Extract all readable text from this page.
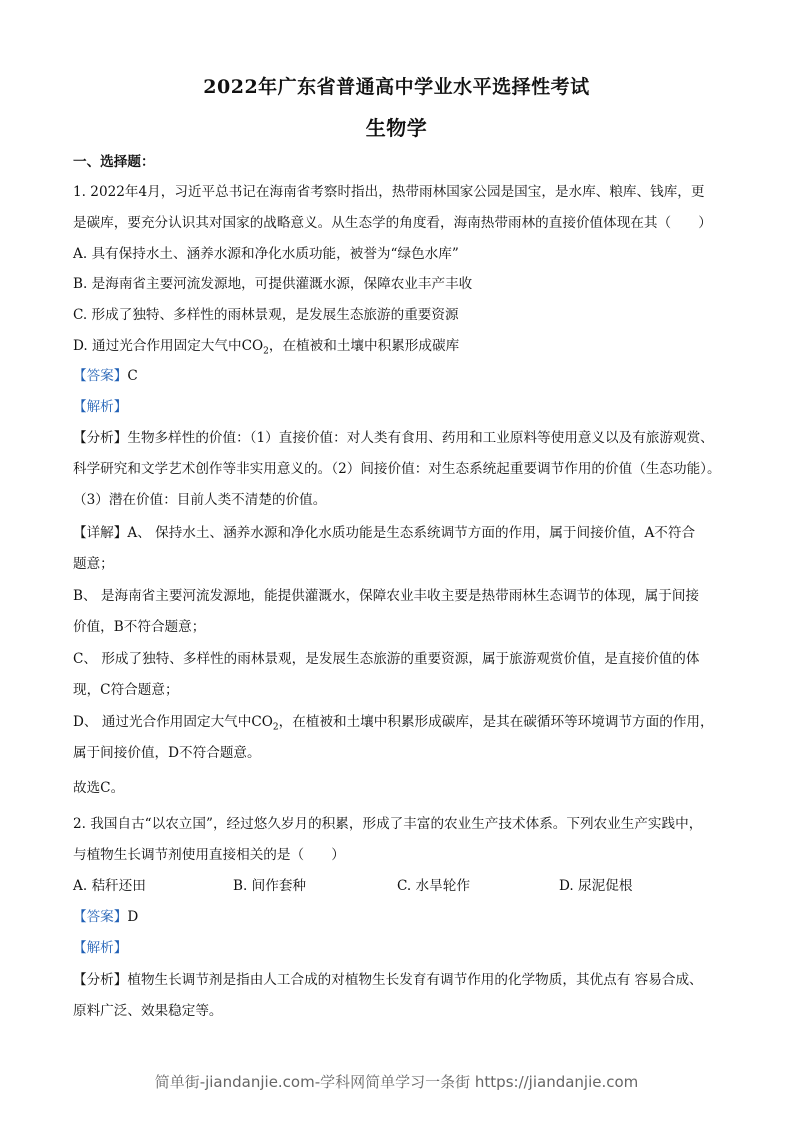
2022年广东省普通高中学业水平选择性考试
生物学
一、选择题：
1. 2022年4月，习近平总书记在海南省考察时指出，热带雨林国家公园是国宝，是水库、粮库、钱库，更
是碳库，要充分认识其对国家的战略意义。从生态学的角度看，海南热带雨林的直接价值体现在其（　　）
A. 具有保持水土、涵养水源和净化水质功能，被誉为“绿色水库”
B. 是海南省主要河流发源地，可提供灌溉水源，保障农业丰产丰收
C. 形成了独特、多样性的雨林景观，是发展生态旅游的重要资源
D. 通过光合作用固定大气中$CO_2$，在植被和土壤中积累形成碳库
【答案】C
【解析】
【分析】生物多样性的价值：（1）直接价值：对人类有食用、药用和工业原料等使用意义以及有旅游观赏、
科学研究和文学艺术创作等非实用意义的。（2）间接价值：对生态系统起重要调节作用的价值（生态功能）。
（3）潜在价值：目前人类不清楚的价值。
【详解】A、 保持水土、涵养水源和净化水质功能是生态系统调节方面的作用，属于间接价值，A不符合
题意；
B、 是海南省主要河流发源地，能提供灌溉水，保障农业丰收主要是热带雨林生态调节的体现，属于间接
价值，B不符合题意；
C、 形成了独特、多样性的雨林景观，是发展生态旅游的重要资源，属于旅游观赏价值，是直接价值的体
现，C符合题意；
D、 通过光合作用固定大气中$CO_2$，在植被和土壤中积累形成碳库，是其在碳循环等环境调节方面的作用，
属于间接价值，D不符合题意。
故选C。
2. 我国自古“以农立国”，经过悠久岁月的积累，形成了丰富的农业生产技术体系。下列农业生产实践中，
与植物生长调节剂使用直接相关的是（　　）
A. 秸秆还田	B. 间作套种	C. 水旱轮作	D. 尿泥促根
【答案】D
【解析】
【分析】植物生长调节剂是指由人工合成的对植物生长发育有调节作用的化学物质，其优点有 容易合成、
原料广泛、效果稳定等。
简单街-jiandanjie.com-学科网简单学习一条街 https://jiandanjie.com
